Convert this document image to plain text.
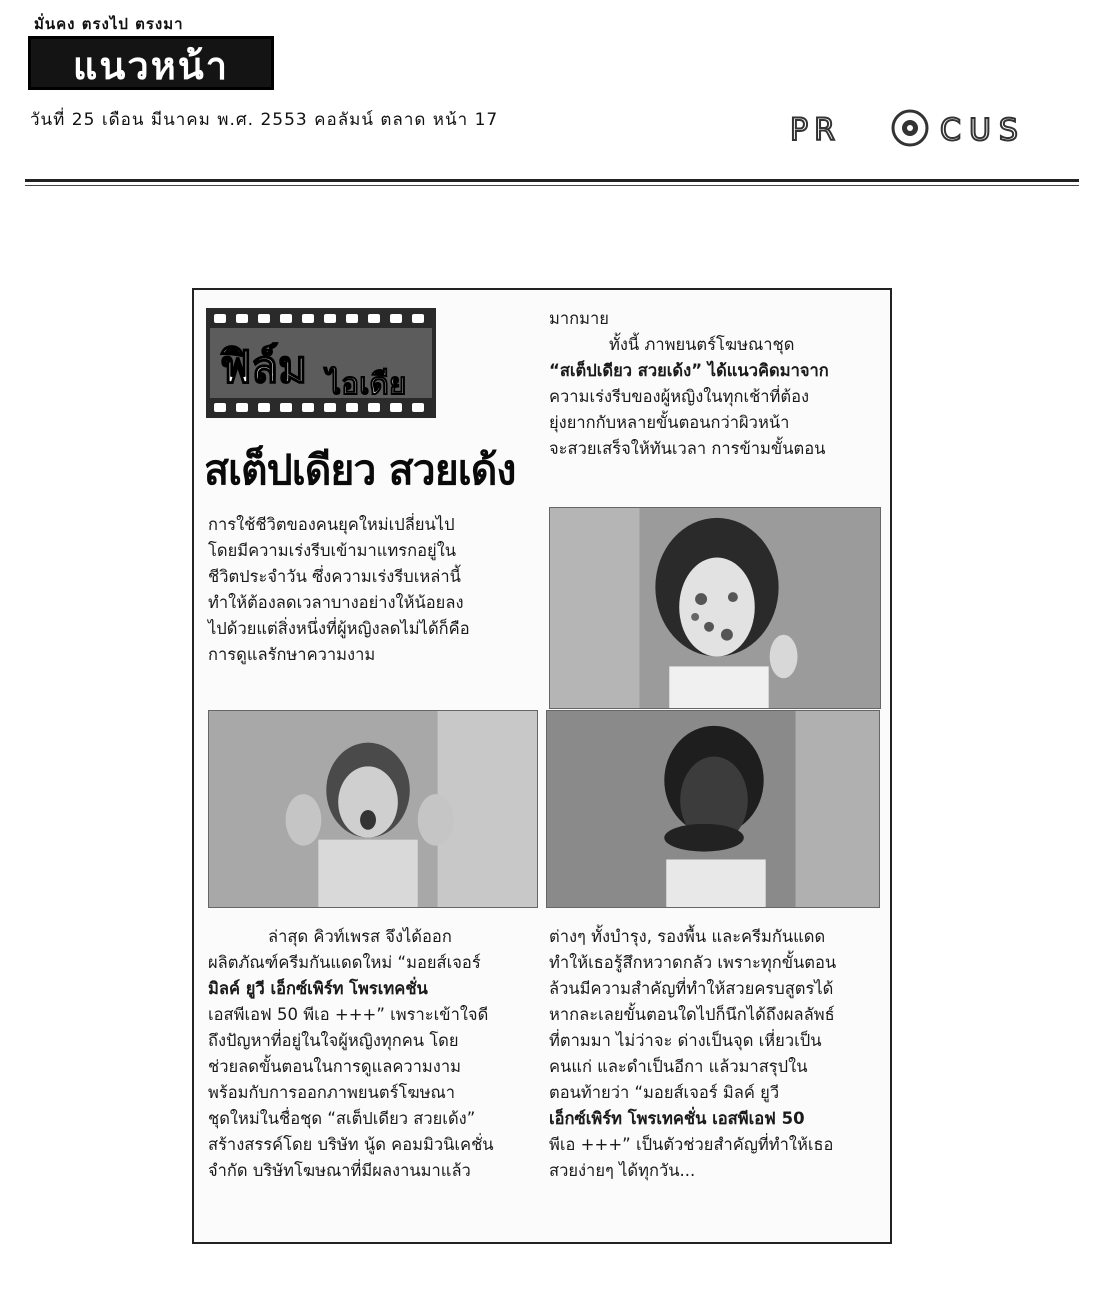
มั่นคง ตรงไป ตรงมา
แนวหน้า
วันที่ 25 เดือน มีนาคม พ.ศ. 2553 คอลัมน์ ตลาด หน้า 17	PR	CUS
ฟิล์ม ไอเดีย
สเต็ปเดียว สวยเด้ง

การใช้ชีวิตของคนยุคใหม่เปลี่ยนไป

โดยมีความเร่งรีบเข้ามาแทรกอยู่ใน

ชีวิตประจำวัน ซึ่งความเร่งรีบเหล่านี้

ทำให้ต้องลดเวลาบางอย่างให้น้อยลง

ไปด้วยแต่สิ่งหนึ่งที่ผู้หญิงลดไม่ได้ก็คือ

การดูแลรักษาความงาม

มากมาย

ทั้งนี้ ภาพยนตร์โฆษณาชุด

“สเต็ปเดียว สวยเด้ง” ได้แนวคิดมาจาก

ความเร่งรีบของผู้หญิงในทุกเช้าที่ต้อง

ยุ่งยากกับหลายขั้นตอนกว่าผิวหน้า

จะสวยเสร็จให้ทันเวลา การข้ามขั้นตอน

ล่าสุด คิวท์เพรส จึงได้ออก

ผลิตภัณฑ์ครีมกันแดดใหม่ “มอยส์เจอร์

มิลค์ ยูวี เอ็กซ์เพิร์ท โพรเทคชั่น

เอสพีเอฟ 50 พีเอ +++” เพราะเข้าใจดี

ถึงปัญหาที่อยู่ในใจผู้หญิงทุกคน โดย

ช่วยลดขั้นตอนในการดูแลความงาม

พร้อมกับการออกภาพยนตร์โฆษณา

ชุดใหม่ในชื่อชุด “สเต็ปเดียว สวยเด้ง”

สร้างสรรค์โดย บริษัท นู้ด คอมมิวนิเคชั่น

จำกัด บริษัทโฆษณาที่มีผลงานมาแล้ว

ต่างๆ ทั้งบำรุง, รองพื้น และครีมกันแดด

ทำให้เธอรู้สึกหวาดกลัว เพราะทุกขั้นตอน

ล้วนมีความสำคัญที่ทำให้สวยครบสูตรได้

หากละเลยขั้นตอนใดไปก็นึกได้ถึงผลลัพธ์

ที่ตามมา ไม่ว่าจะ ด่างเป็นจุด เหี่ยวเป็น

คนแก่ และดำเป็นอีกา แล้วมาสรุปใน

ตอนท้ายว่า “มอยส์เจอร์ มิลค์ ยูวี

เอ็กซ์เพิร์ท โพรเทคชั่น เอสพีเอฟ 50

พีเอ +++” เป็นตัวช่วยสำคัญที่ทำให้เธอ

สวยง่ายๆ ได้ทุกวัน...
